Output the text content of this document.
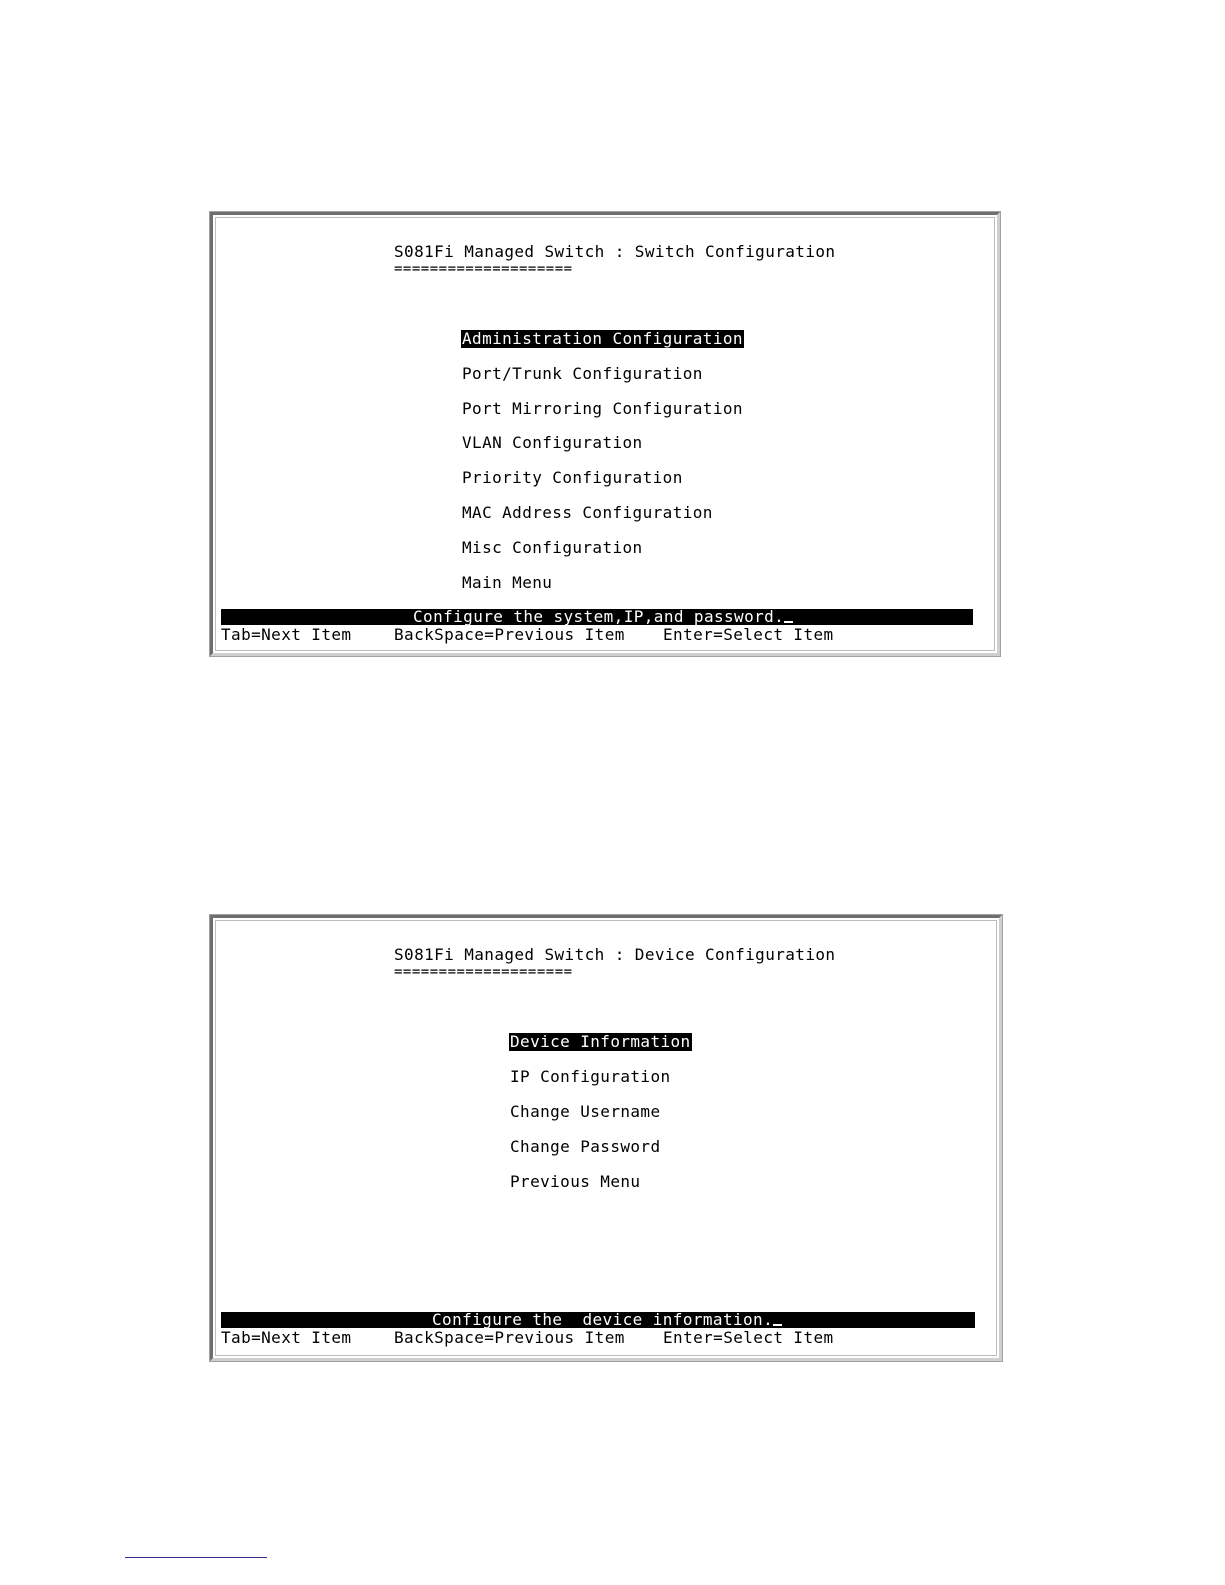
S081Fi Managed Switch : Switch Configuration
====================
Administration Configuration
Port/Trunk Configuration
Port Mirroring Configuration
VLAN Configuration
Priority Configuration
MAC Address Configuration
Misc Configuration
Main Menu
Configure the system,IP,and password.
Tab=Next Item	BackSpace=Previous Item Enter=Select Item
S081Fi Managed Switch : Device Configuration
====================
Device Information
IP Configuration
Change Username
Change Password
Previous Menu
Configure the  device information.
Tab=Next Item	BackSpace=Previous Item Enter=Select Item
